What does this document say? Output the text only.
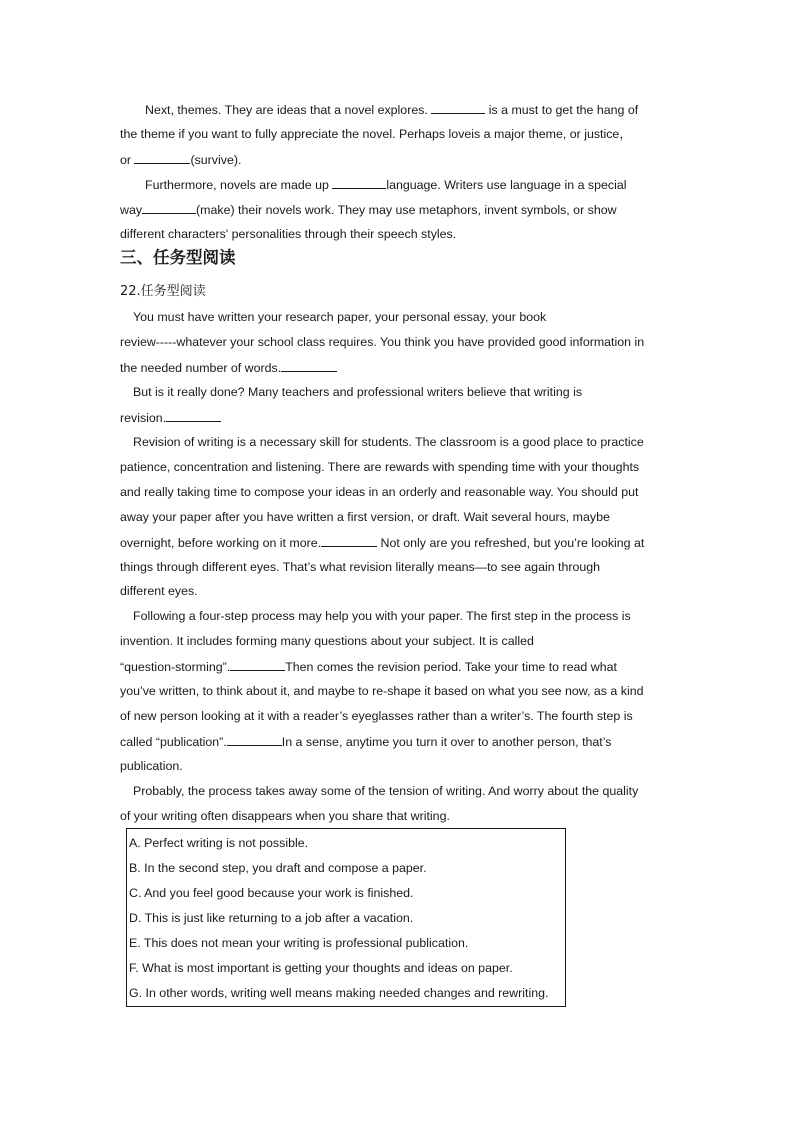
Next, themes. They are ideas that a novel explores.	is a must to get the hang of
the theme if you want to fully appreciate the novel. Perhaps loveis a major theme, or justice，
or	(survive).
Furthermore, novels are made up	language. Writers use language in a special
way	(make) their novels work. They may use metaphors, invent symbols, or show
different characters' personalities through their speech styles.
三、任务型阅读
22.任务型阅读
You must have written your research paper, your personal essay, your book
review-----whatever your school class requires. You think you have provided good information in
the needed number of words.
But is it really done? Many teachers and professional writers believe that writing is
revision.
Revision of writing is a necessary skill for students. The classroom is a good place to practice
patience, concentration and listening. There are rewards with spending time with your thoughts
and really taking time to compose your ideas in an orderly and reasonable way. You should put
away your paper after you have written a first version, or draft. Wait several hours, maybe
overnight, before working on it more.	Not only are you refreshed, but you’re looking at
things through different eyes. That’s what revision literally means—to see again through
different eyes.
Following a four-step process may help you with your paper. The first step in the process is
invention. It includes forming many questions about your subject. It is called
“question-storming”.	Then comes the revision period. Take your time to read what
you’ve written, to think about it, and maybe to re-shape it based on what you see now, as a kind
of new person looking at it with a reader’s eyeglasses rather than a writer’s. The fourth step is
called “publication”.	In a sense, anytime you turn it over to another person, that’s
publication.
Probably, the process takes away some of the tension of writing. And worry about the quality
of your writing often disappears when you share that writing.
A. Perfect writing is not possible.
B. In the second step, you draft and compose a paper.
C. And you feel good because your work is finished.
D. This is just like returning to a job after a vacation.
E. This does not mean your writing is professional publication.
F. What is most important is getting your thoughts and ideas on paper.
G. In other words, writing well means making needed changes and rewriting.
